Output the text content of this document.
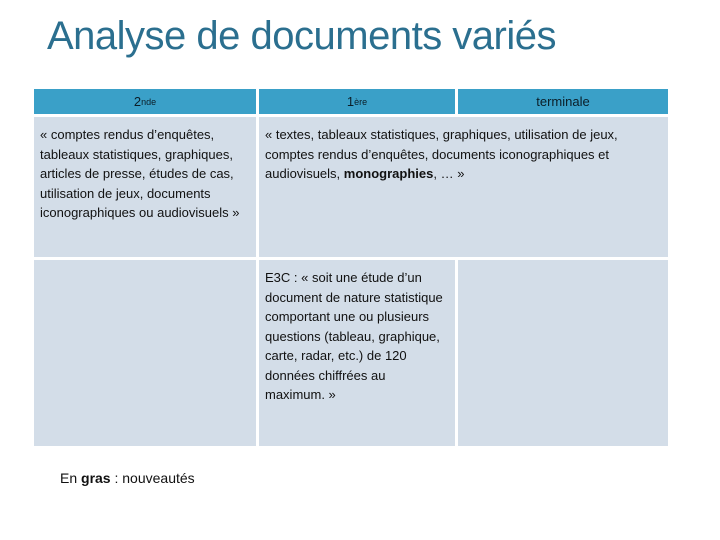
Analyse de documents variés
2 nde	1 ère	terminale
« comptes rendus d’enquêtes, tableaux statistiques, graphiques, articles de presse, études de cas, utilisation de jeux, documents iconographiques ou audiovisuels »
« textes, tableaux statistiques, graphiques, utilisation de jeux, comptes rendus d’enquêtes, documents iconographiques et audiovisuels, monographies, … »
E3C : « soit une étude d’un document de nature statistique comportant une ou plusieurs questions (tableau, graphique, carte, radar, etc.) de 120 données chiffrées au maximum. »
En gras : nouveautés
